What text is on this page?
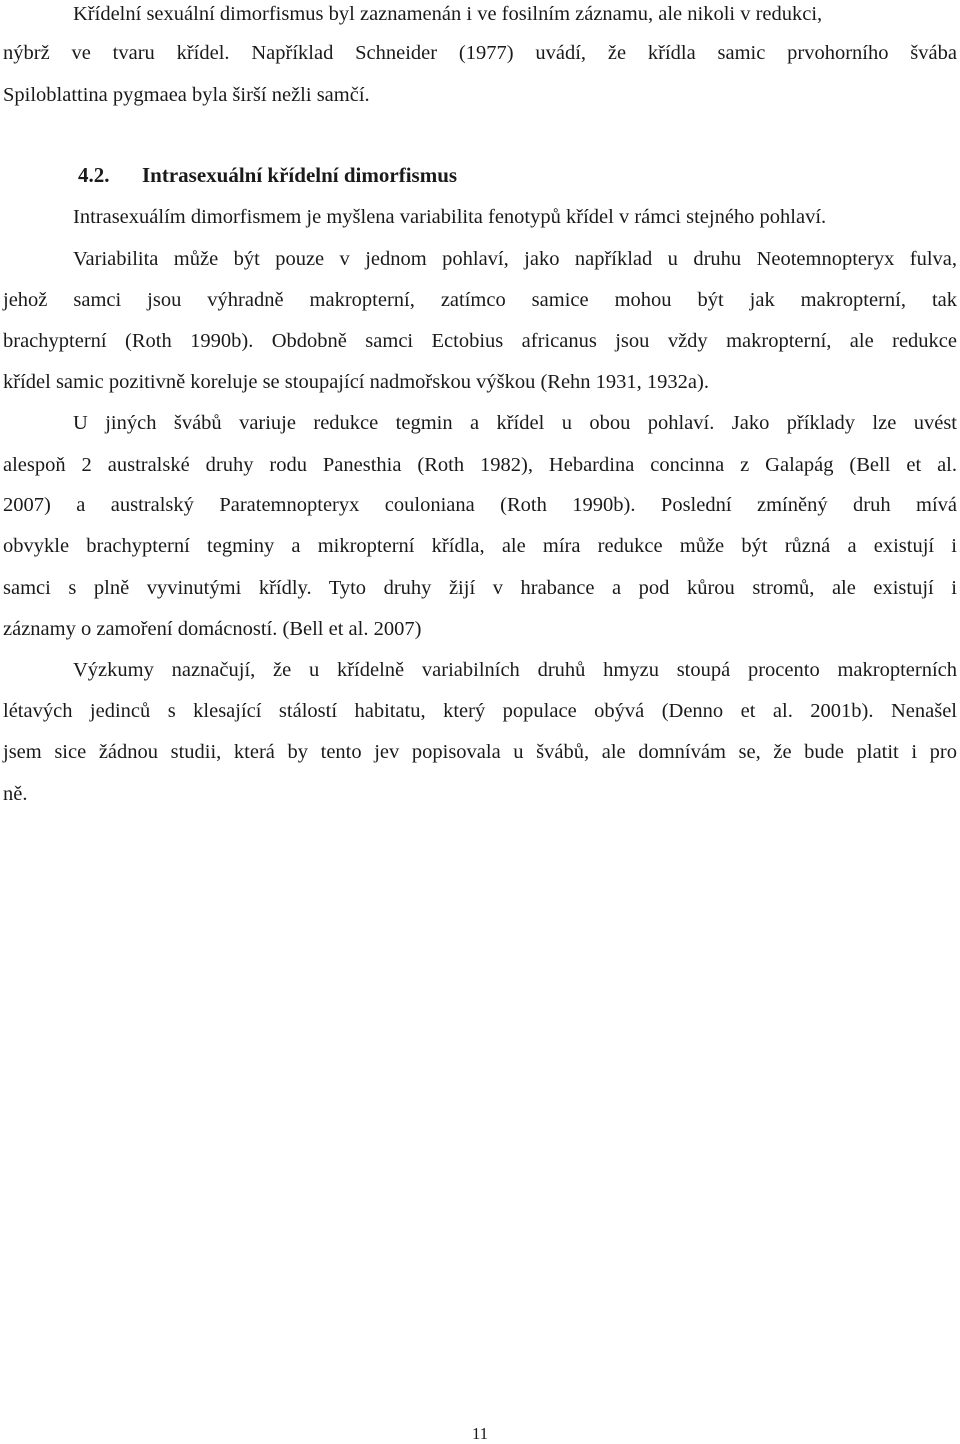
Křídelní sexuální dimorfismus byl zaznamenán i ve fosilním záznamu, ale nikoli v redukci,
nýbrž ve tvaru křídel. Například Schneider (1977) uvádí, že křídla samic prvohorního švába
Spiloblattina pygmaea byla širší nežli samčí.
4.2. Intrasexuální křídelní dimorfismus
Intrasexuálím dimorfismem je myšlena variabilita fenotypů křídel v rámci stejného pohlaví.
Variabilita může být pouze v jednom pohlaví, jako například u druhu Neotemnopteryx fulva,
jehož samci jsou výhradně makropterní, zatímco samice mohou být jak makropterní, tak
brachypterní (Roth 1990b). Obdobně samci Ectobius africanus jsou vždy makropterní, ale redukce
křídel samic pozitivně koreluje se stoupající nadmořskou výškou (Rehn 1931, 1932a).
U jiných švábů variuje redukce tegmin a křídel u obou pohlaví. Jako příklady lze uvést
alespoň 2 australské druhy rodu Panesthia (Roth 1982), Hebardina concinna z Galapág (Bell et al.
2007) a australský Paratemnopteryx couloniana (Roth 1990b). Poslední zmíněný druh mívá
obvykle brachypterní tegminy a mikropterní křídla, ale míra redukce může být různá a existují i
samci s plně vyvinutými křídly. Tyto druhy žijí v hrabance a pod kůrou stromů, ale existují i
záznamy o zamoření domácností. (Bell et al. 2007)
Výzkumy naznačují, že u křídelně variabilních druhů hmyzu stoupá procento makropterních
létavých jedinců s klesající stálostí habitatu, který populace obývá (Denno et al. 2001b). Nenašel
jsem sice žádnou studii, která by tento jev popisovala u švábů, ale domnívám se, že bude platit i pro
ně.
11
